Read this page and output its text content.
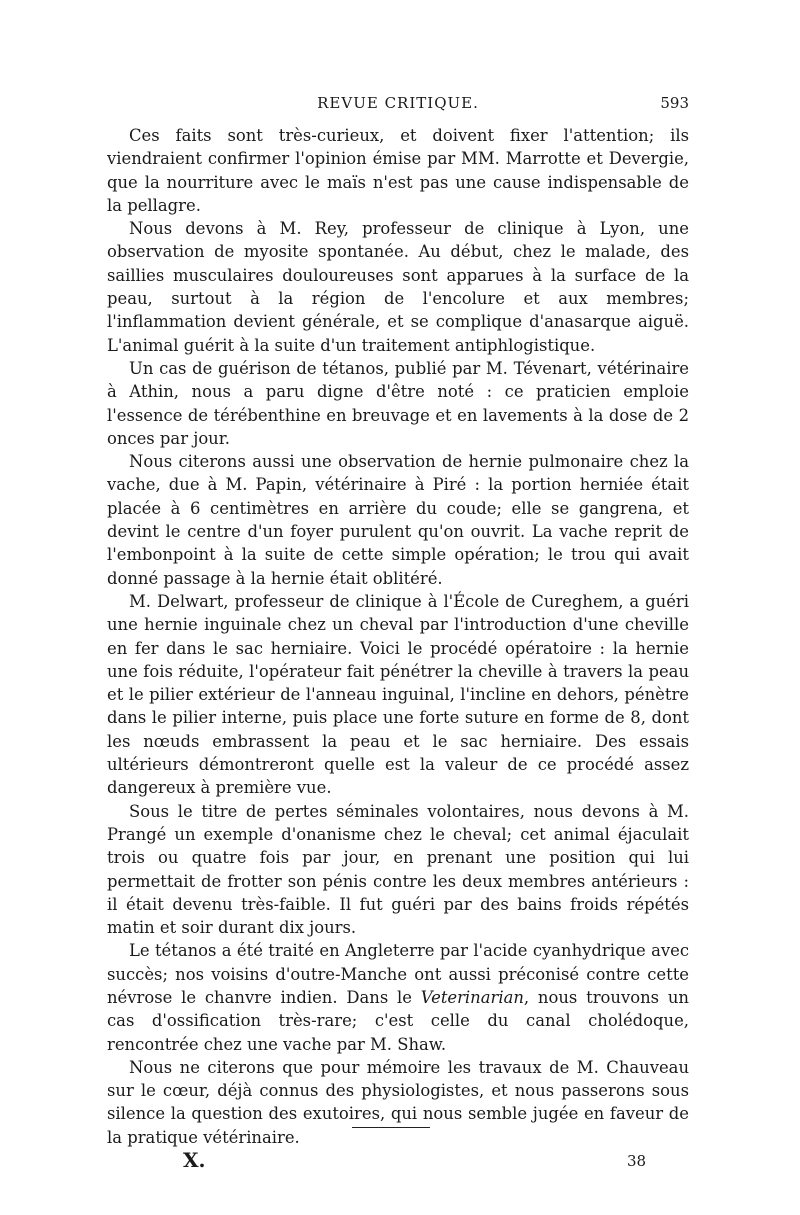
REVUE CRITIQUE.	593

Ces faits sont très-curieux, et doivent fixer l'attention; ils viendraient confirmer l'opinion émise par MM. Marrotte et Devergie, que la nourriture avec le maïs n'est pas une cause indispensable de la pellagre.

Nous devons à M. Rey, professeur de clinique à Lyon, une observation de myosite spontanée. Au début, chez le malade, des saillies musculaires douloureuses sont apparues à la surface de la peau, surtout à la région de l'encolure et aux membres; l'inflammation devient générale, et se complique d'anasarque aiguë. L'animal guérit à la suite d'un traitement antiphlogistique.

Un cas de guérison de tétanos, publié par M. Tévenart, vétérinaire à Athin, nous a paru digne d'être noté : ce praticien emploie l'essence de térébenthine en breuvage et en lavements à la dose de 2 onces par jour.

Nous citerons aussi une observation de hernie pulmonaire chez la vache, due à M. Papin, vétérinaire à Piré : la portion herniée était placée à 6 centimètres en arrière du coude; elle se gangrena, et devint le centre d'un foyer purulent qu'on ouvrit. La vache reprit de l'embonpoint à la suite de cette simple opération; le trou qui avait donné passage à la hernie était oblitéré.

M. Delwart, professeur de clinique à l'École de Cureghem, a guéri une hernie inguinale chez un cheval par l'introduction d'une cheville en fer dans le sac herniaire. Voici le procédé opératoire : la hernie une fois réduite, l'opérateur fait pénétrer la cheville à travers la peau et le pilier extérieur de l'anneau inguinal, l'incline en dehors, pénètre dans le pilier interne, puis place une forte suture en forme de 8, dont les nœuds embrassent la peau et le sac herniaire. Des essais ultérieurs démontreront quelle est la valeur de ce procédé assez dangereux à première vue.

Sous le titre de pertes séminales volontaires, nous devons à M. Prangé un exemple d'onanisme chez le cheval; cet animal éjaculait trois ou quatre fois par jour, en prenant une position qui lui permettait de frotter son pénis contre les deux membres antérieurs : il était devenu très-faible. Il fut guéri par des bains froids répétés matin et soir durant dix jours.

Le tétanos a été traité en Angleterre par l'acide cyanhydrique avec succès; nos voisins d'outre-Manche ont aussi préconisé contre cette névrose le chanvre indien. Dans le Veterinarian, nous trouvons un cas d'ossification très-rare; c'est celle du canal cholédoque, rencontrée chez une vache par M. Shaw.

Nous ne citerons que pour mémoire les travaux de M. Chauveau sur le cœur, déjà connus des physiologistes, et nous passerons sous silence la question des exutoires, qui nous semble jugée en faveur de la pratique vétérinaire.

X.	38
